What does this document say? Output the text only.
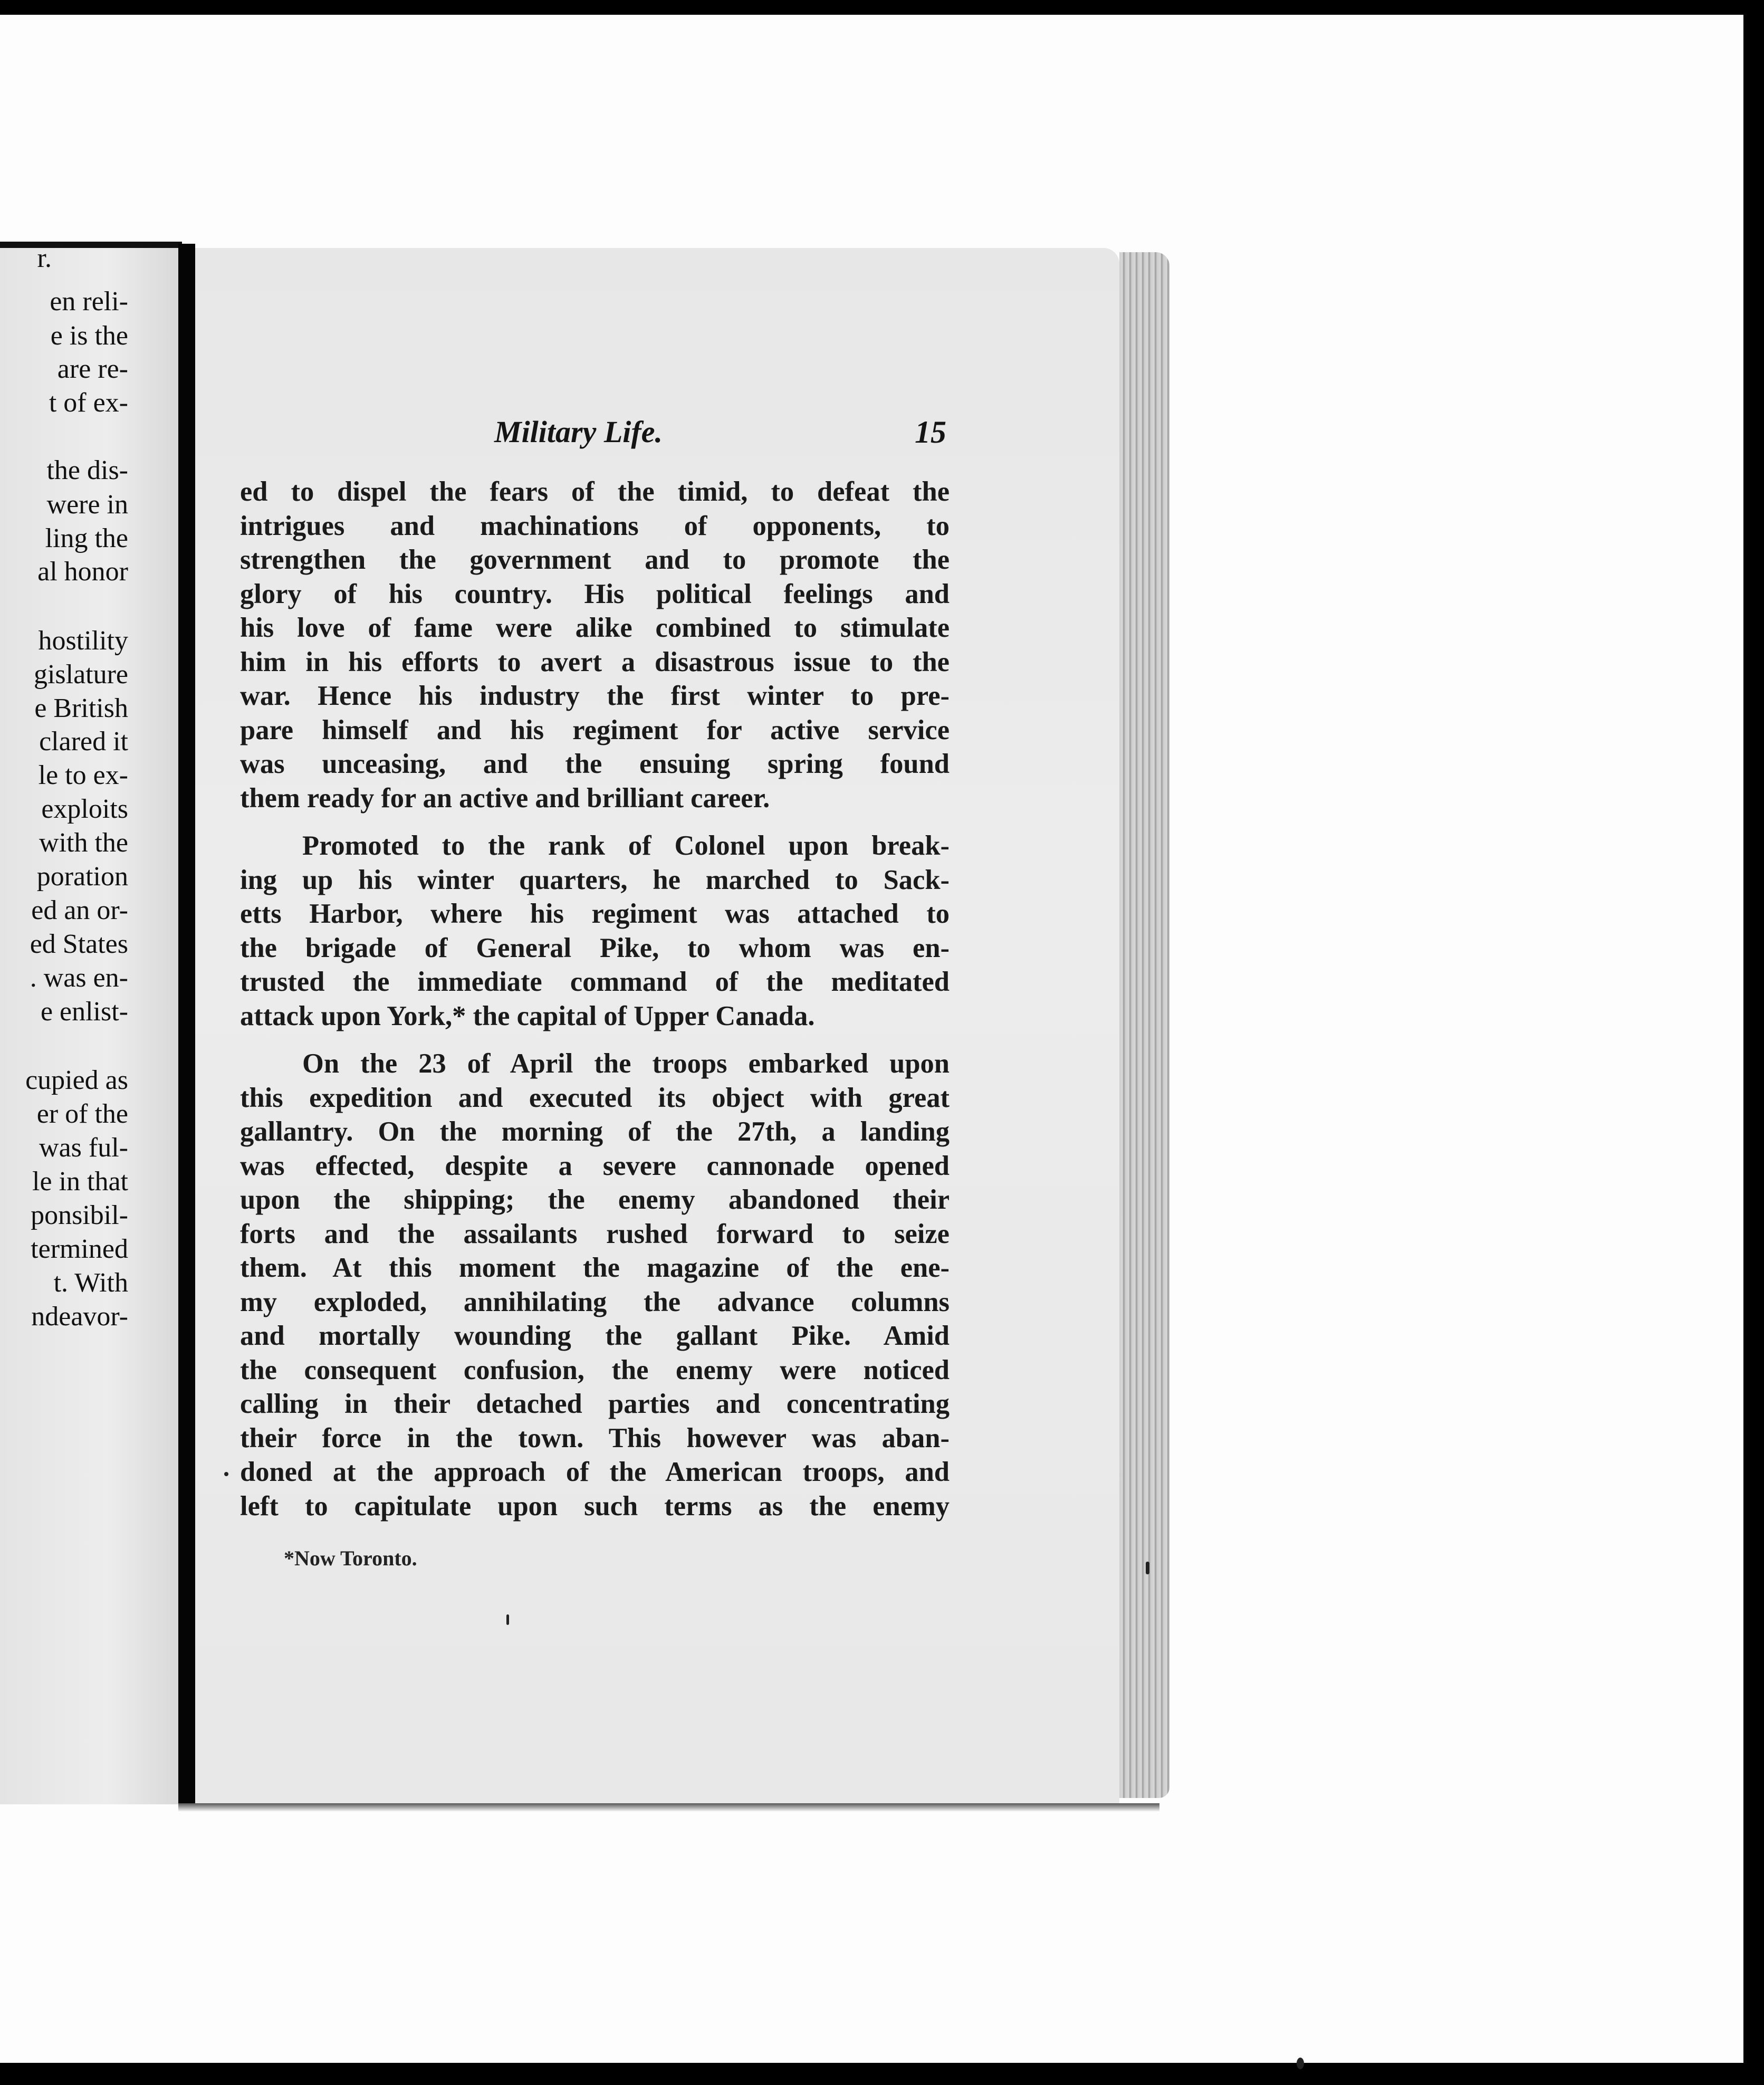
r.
en reli-
e is the
are re-
t of ex-
the dis-
were in
ling the
al honor
hostility
gislature
e British
clared it
le to ex-
exploits
with the
poration
ed an or-
ed States
. was en-
e enlist-
cupied as
er of the
was ful-
le in that
ponsibil-
termined
t. With
ndeavor-
Military Life.	15
ed to dispel the fears of the timid, to defeat the
intrigues and machinations of opponents, to
strengthen the government and to promote the
glory of his country. His political feelings and
his love of fame were alike combined to stimulate
him in his efforts to avert a disastrous issue to the
war. Hence his industry the first winter to pre-
pare himself and his regiment for active service
was unceasing, and the ensuing spring found
them ready for an active and brilliant career.
Promoted to the rank of Colonel upon break-
ing up his winter quarters, he marched to Sack-
etts Harbor, where his regiment was attached to
the brigade of General Pike, to whom was en-
trusted the immediate command of the meditated
attack upon York,* the capital of Upper Canada.
On the 23 of April the troops embarked upon
this expedition and executed its object with great
gallantry. On the morning of the 27th, a landing
was effected, despite a severe cannonade opened
upon the shipping; the enemy abandoned their
forts and the assailants rushed forward to seize
them. At this moment the magazine of the ene-
my exploded, annihilating the advance columns
and mortally wounding the gallant Pike. Amid
the consequent confusion, the enemy were noticed
calling in their detached parties and concentrating
their force in the town. This however was aban-
doned at the approach of the American troops, and
left to capitulate upon such terms as the enemy
*Now Toronto.
